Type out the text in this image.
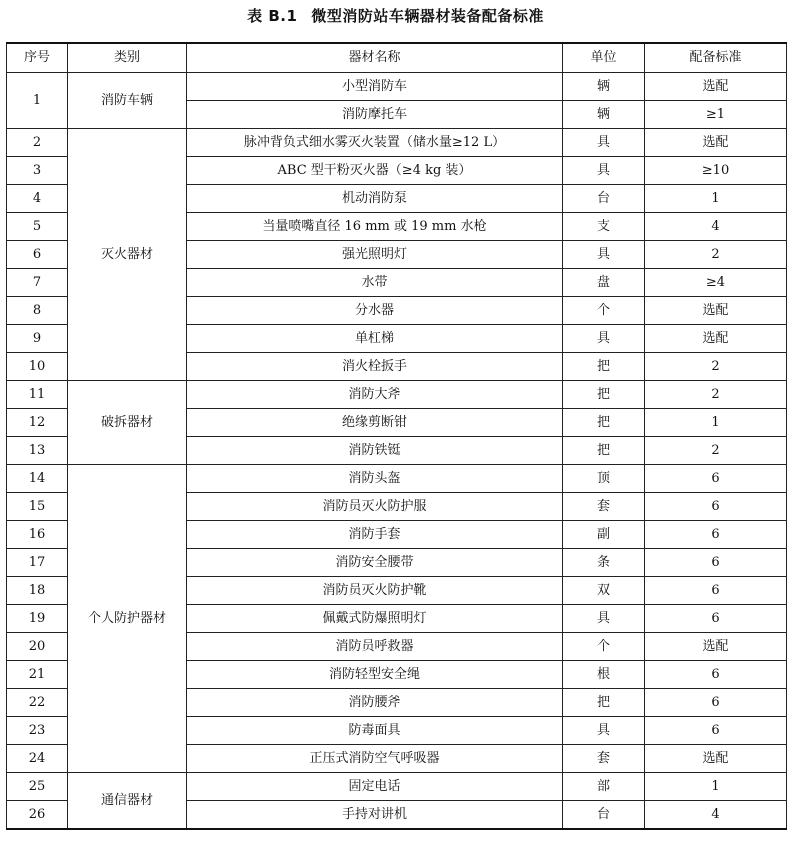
表 B.1 微型消防站车辆器材装备配备标准
序号	类别	器材名称	单位	配备标准
1	消防车辆	小型消防车	辆	选配
		消防摩托车	辆	≥1
2	灭火器材	脉冲背负式细水雾灭火装置（储水量≥12 L）	具	选配
3		ABC 型干粉灭火器（≥4 kg 装）	具	≥10
4		机动消防泵	台	1
5		当量喷嘴直径 16 mm 或 19 mm 水枪	支	4
6		强光照明灯	具	2
7		水带	盘	≥4
8		分水器	个	选配
9		单杠梯	具	选配
10		消火栓扳手	把	2
11	破拆器材	消防大斧	把	2
12		绝缘剪断钳	把	1
13		消防铁铤	把	2
14	个人防护器材	消防头盔	顶	6
15		消防员灭火防护服	套	6
16		消防手套	副	6
17		消防安全腰带	条	6
18		消防员灭火防护靴	双	6
19		佩戴式防爆照明灯	具	6
20		消防员呼救器	个	选配
21		消防轻型安全绳	根	6
22		消防腰斧	把	6
23		防毒面具	具	6
24		正压式消防空气呼吸器	套	选配
25	通信器材	固定电话	部	1
26		手持对讲机	台	4
